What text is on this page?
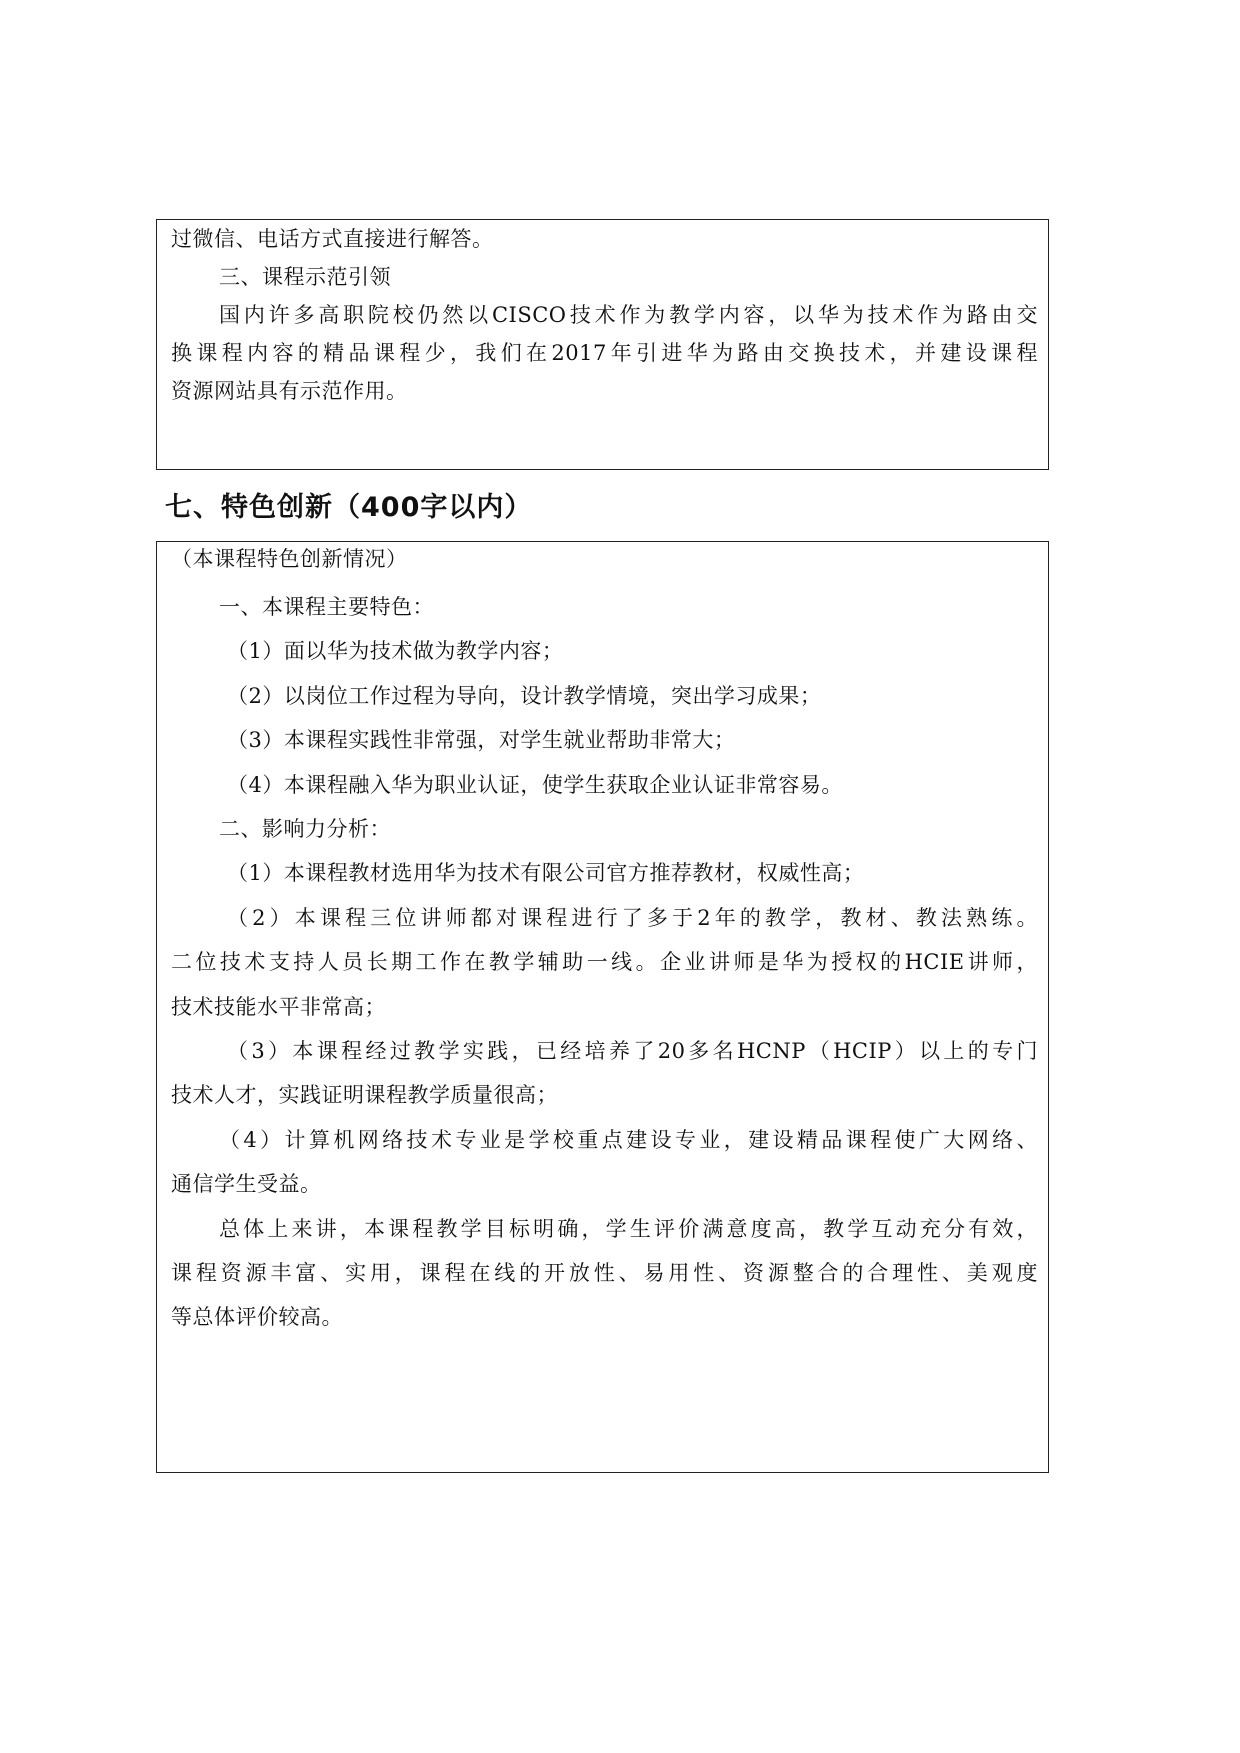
过微信、电话方式直接进行解答。
三、课程示范引领
国内许多高职院校仍然以CISCO技术作为教学内容，以华为技术作为路由交
换课程内容的精品课程少，我们在2017年引进华为路由交换技术，并建设课程
资源网站具有示范作用。
七、特色创新（400字以内）
（本课程特色创新情况）
一、本课程主要特色：
（1）面以华为技术做为教学内容；
（2）以岗位工作过程为导向，设计教学情境，突出学习成果；
（3）本课程实践性非常强，对学生就业帮助非常大；
（4）本课程融入华为职业认证，使学生获取企业认证非常容易。
二、影响力分析：
（1）本课程教材选用华为技术有限公司官方推荐教材，权威性高；
（2）本课程三位讲师都对课程进行了多于2年的教学，教材、教法熟练。
二位技术支持人员长期工作在教学辅助一线。企业讲师是华为授权的HCIE讲师，
技术技能水平非常高；
（3）本课程经过教学实践，已经培养了20多名HCNP（HCIP）以上的专门
技术人才，实践证明课程教学质量很高；
（4）计算机网络技术专业是学校重点建设专业，建设精品课程使广大网络、
通信学生受益。
总体上来讲，本课程教学目标明确，学生评价满意度高，教学互动充分有效，
课程资源丰富、实用，课程在线的开放性、易用性、资源整合的合理性、美观度
等总体评价较高。
